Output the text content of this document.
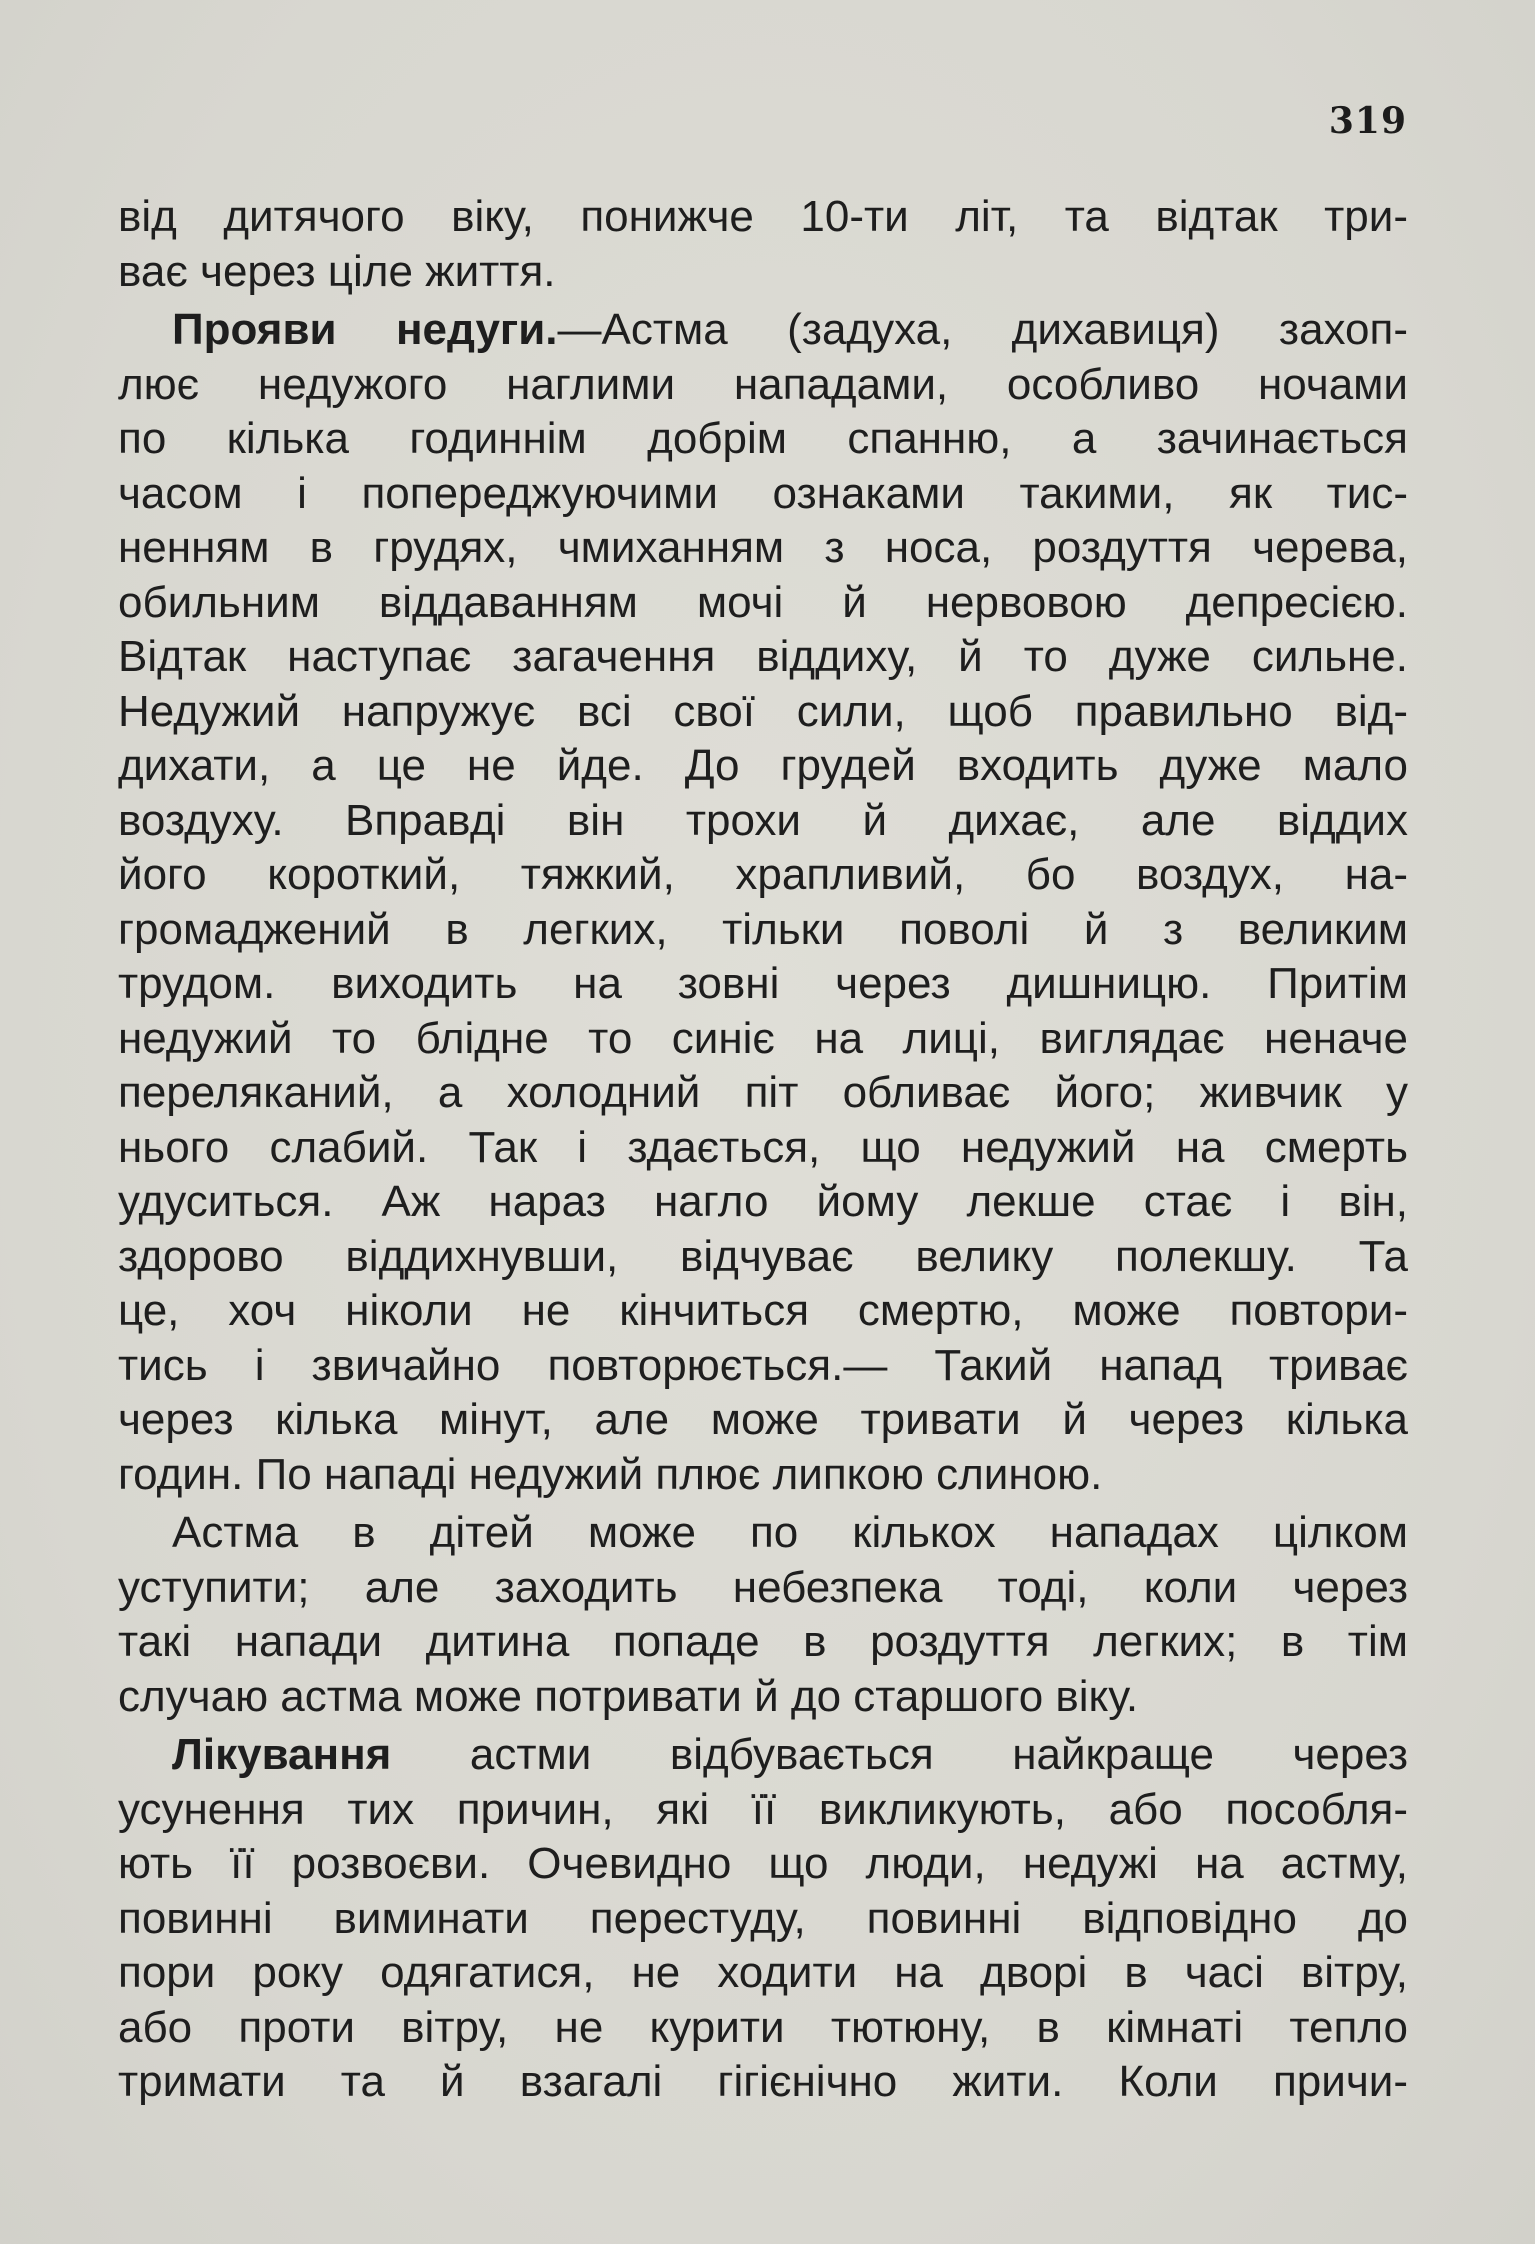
319
від дитячого віку, понижче 10-ти літ, та відтак три-
ває через ціле життя.
Прояви недуги.—Астма (задуха, дихавиця) захоп-
лює недужого наглими нападами, особливо ночами
по кілька годиннім добрім спанню, а зачинається
часом і попереджуючими ознаками такими, як тис-
ненням в грудях, чмиханням з носа, роздуття черева,
обильним віддаванням мочі й нервовою депресією.
Відтак наступає загачення віддиху, й то дуже сильне.
Недужий напружує всі свої сили, щоб правильно від-
дихати, а це не йде. До грудей входить дуже мало
воздуху. Вправді він трохи й дихає, але віддих
його короткий, тяжкий, храпливий, бо воздух, на-
громаджений в легких, тільки поволі й з великим
трудом. виходить на зовні через дишницю. Притім
недужий то блідне то синіє на лиці, виглядає неначе
переляканий, а холодний піт обливає його; живчик у
нього слабий. Так і здається, що недужий на смерть
удуситься. Аж нараз нагло йому лекше стає і він,
здорово віддихнувши, відчуває велику полекшу. Та
це, хоч ніколи не кінчиться смертю, може повтори-
тись і звичайно повторюється.— Такий напад триває
через кілька мінут, але може тривати й через кілька
годин. По нападі недужий плює липкою слиною.
Астма в дітей може по кількох нападах цілком
уступити; але заходить небезпека тоді, коли через
такі напади дитина попаде в роздуття легких; в тім
случаю астма може потривати й до старшого віку.
Лікування астми відбувається найкраще через
усунення тих причин, які її викликують, або пособля-
ють її розвоєви. Очевидно що люди, недужі на астму,
повинні виминати перестуду, повинні відповідно до
пори року одягатися, не ходити на дворі в часі вітру,
або проти вітру, не курити тютюну, в кімнаті тепло
тримати та й взагалі гігієнічно жити. Коли причи-
